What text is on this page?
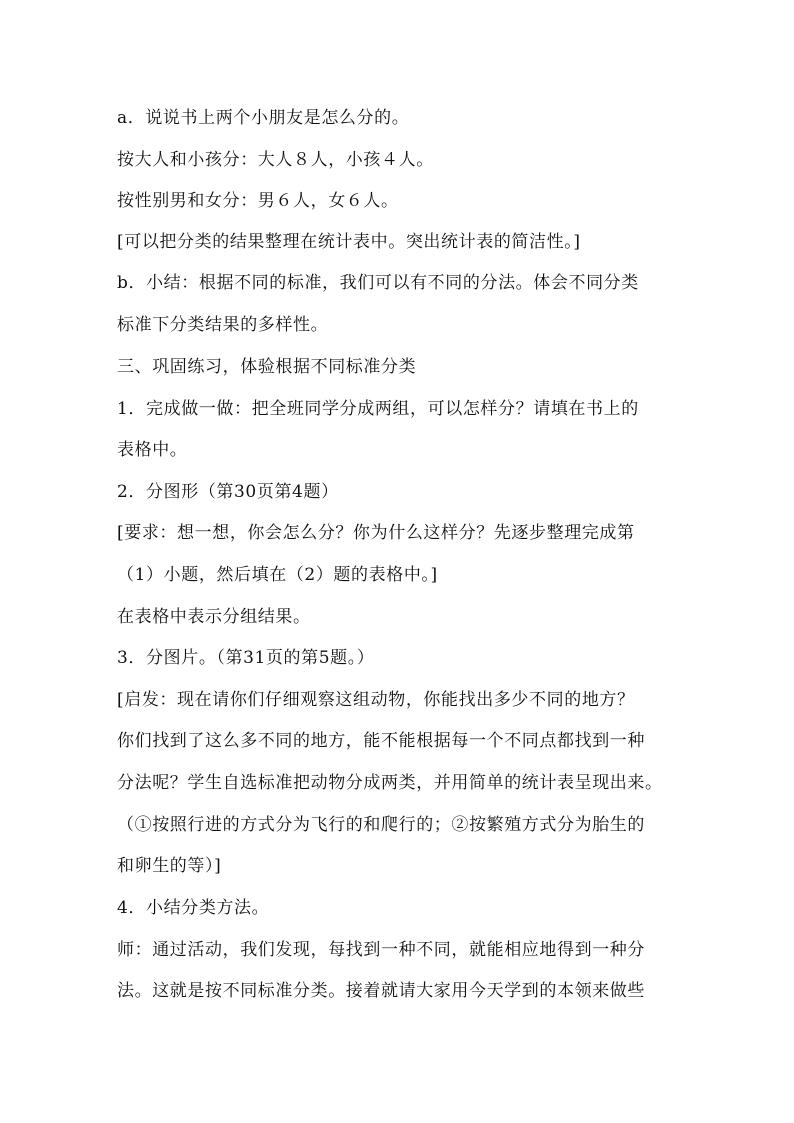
a．说说书上两个小朋友是怎么分的。
按大人和小孩分：大人８人，小孩４人。
按性别男和女分：男６人，女６人。
[可以把分类的结果整理在统计表中。突出统计表的简洁性。]
b．小结：根据不同的标准，我们可以有不同的分法。体会不同分类
标准下分类结果的多样性。
三、巩固练习，体验根据不同标准分类
1．完成做一做：把全班同学分成两组，可以怎样分？请填在书上的
表格中。
2．分图形（第30页第4题）
[要求：想一想，你会怎么分？你为什么这样分？先逐步整理完成第
（1）小题，然后填在（2）题的表格中。]
在表格中表示分组结果。
3．分图片。（第31页的第5题。）
[启发：现在请你们仔细观察这组动物，你能找出多少不同的地方？
你们找到了这么多不同的地方，能不能根据每一个不同点都找到一种
分法呢？学生自选标准把动物分成两类，并用简单的统计表呈现出来。
（①按照行进的方式分为飞行的和爬行的；②按繁殖方式分为胎生的
和卵生的等）]
4．小结分类方法。
师：通过活动，我们发现，每找到一种不同，就能相应地得到一种分
法。这就是按不同标准分类。接着就请大家用今天学到的本领来做些
